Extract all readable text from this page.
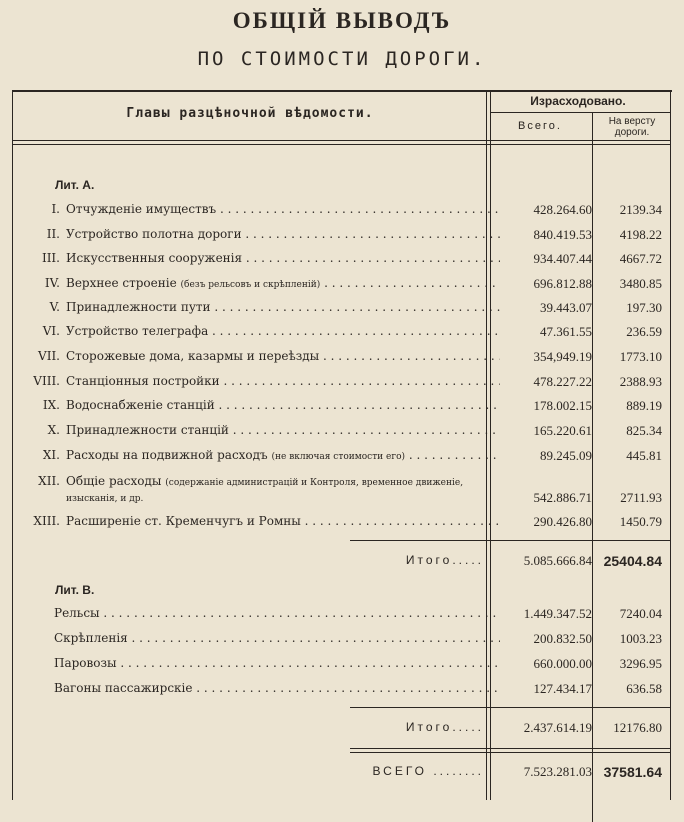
ОБЩІЙ ВЫВОДЪ
ПО СТОИМОСТИ ДОРОГИ.
Главы разцѣночной вѣдомости.
Израсходовано.
Всего.	На версту
дороги.
Лит. А.
I. Отчужденіе имуществъ . . .	428.264.60 2139.34
II. Устройство полотна дороги . . .	840.419.53 4198.22
III. Искусственныя сооруженія . . .	934.407.44 4667.72
IV. Верхнее строеніе (безъ рельсовъ и скрѣпленій) . . .	696.812.88 3480.85
V. Принадлежности пути . . .	39.443.07	197.30
VI. Устройство телеграфа . . .	47.361.55	236.59
VII. Сторожевые дома, казармы и переѣзды . . .	354,949.19 1773.10
VIII. Станціонныя постройки . . .	478.227.22 2388.93
IX. Водоснабженіе станцій . . .	178.002.15	889.19
X. Принадлежности станцій . . .	165.220.61	825.34
XI. Расходы на подвижной расходъ (не включая стоимости его) . . .	89.245.09	445.81
XII. Общіе расходы (содержаніе администрацій и Контроля, временное движеніе, изысканія, и др.	542.886.71 2711.93
XIII. Расширеніе ст. Кременчугъ и Ромны . . .	290.426.80 1450.79
Итого.....	5.085.666.84 25404.84
Лит. В.
Рельсы . . .	1.449.347.52 7240.04
Скрѣпленія . . .	200.832.50 1003.23
Паровозы . . .	660.000.00 3296.95
Вагоны пассажирскіе . . .	127.434.17	636.58
Итого.....	2.437.614.19 12176.80
ВСЕГО ........	7.523.281.03 37581.64
